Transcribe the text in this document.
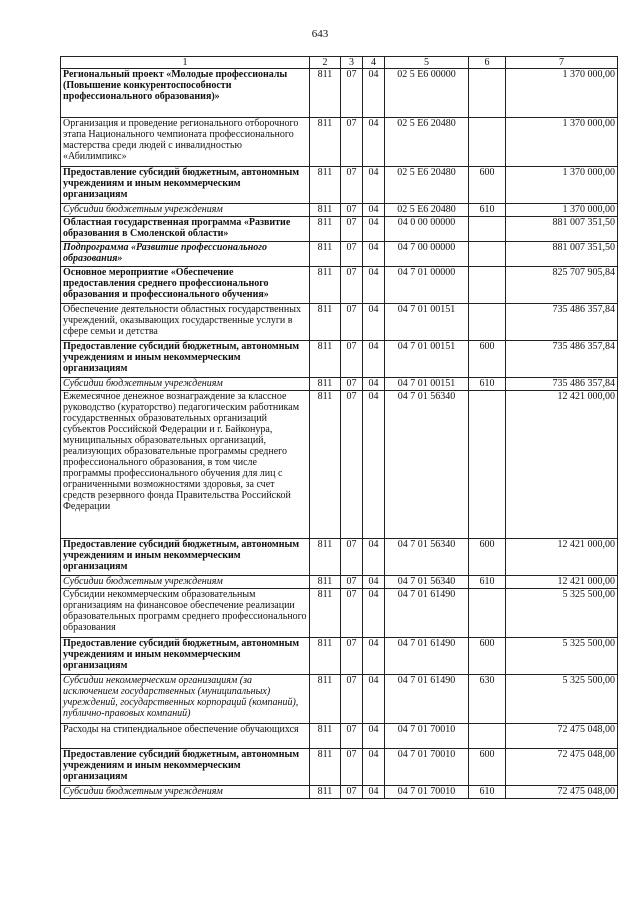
643
1	2	3	4	5	6	7
Региональный проект «Молодые профессионалы (Повышение конкурентоспособности профессионального образования)»	811	07	04	02 5 Е6 00000		1 370 000,00
Организация и проведение регионального отборочного этапа Национального чемпионата профессионального мастерства среди людей с инвалидностью «Абилимпикс»	811	07	04	02 5 Е6 20480		1 370 000,00
Предоставление субсидий бюджетным, автономным учреждениям и иным некоммерческим организациям	811	07	04	02 5 Е6 20480	600	1 370 000,00
Субсидии бюджетным учреждениям	811	07	04	02 5 Е6 20480	610	1 370 000,00
Областная государственная программа «Развитие образования в Смоленской области»	811	07	04	04 0 00 00000		881 007 351,50
Подпрограмма «Развитие профессионального образования»	811	07	04	04 7 00 00000		881 007 351,50
Основное мероприятие «Обеспечение предоставления среднего профессионального образования и профессионального обучения»	811	07	04	04 7 01 00000		825 707 905,84
Обеспечение деятельности областных государственных учреждений, оказывающих государственные услуги в сфере семьи и детства	811	07	04	04 7 01 00151		735 486 357,84
Предоставление субсидий бюджетным, автономным учреждениям и иным некоммерческим организациям	811	07	04	04 7 01 00151	600	735 486 357,84
Субсидии бюджетным учреждениям	811	07	04	04 7 01 00151	610	735 486 357,84
Ежемесячное денежное вознаграждение за классное руководство (кураторство) педагогическим работникам государственных образовательных организаций субъектов Российской Федерации и г. Байконура, муниципальных образовательных организаций, реализующих образовательные программы среднего профессионального образования, в том числе программы профессионального обучения для лиц с ограниченными возможностями здоровья, за счет средств резервного фонда Правительства Российской Федерации	811	07	04	04 7 01 56340		12 421 000,00
Предоставление субсидий бюджетным, автономным учреждениям и иным некоммерческим организациям	811	07	04	04 7 01 56340	600	12 421 000,00
Субсидии бюджетным учреждениям	811	07	04	04 7 01 56340	610	12 421 000,00
Субсидии некоммерческим образовательным организациям на финансовое обеспечение реализации образовательных программ среднего профессионального образования	811	07	04	04 7 01 61490		5 325 500,00
Предоставление субсидий бюджетным, автономным учреждениям и иным некоммерческим организациям	811	07	04	04 7 01 61490	600	5 325 500,00
Субсидии некоммерческим организациям (за исключением государственных (муниципальных) учреждений, государственных корпораций (компаний), публично-правовых компаний)	811	07	04	04 7 01 61490	630	5 325 500,00
Расходы на стипендиальное обеспечение обучающихся	811	07	04	04 7 01 70010		72 475 048,00
Предоставление субсидий бюджетным, автономным учреждениям и иным некоммерческим организациям	811	07	04	04 7 01 70010	600	72 475 048,00
Субсидии бюджетным учреждениям	811	07	04	04 7 01 70010	610	72 475 048,00
